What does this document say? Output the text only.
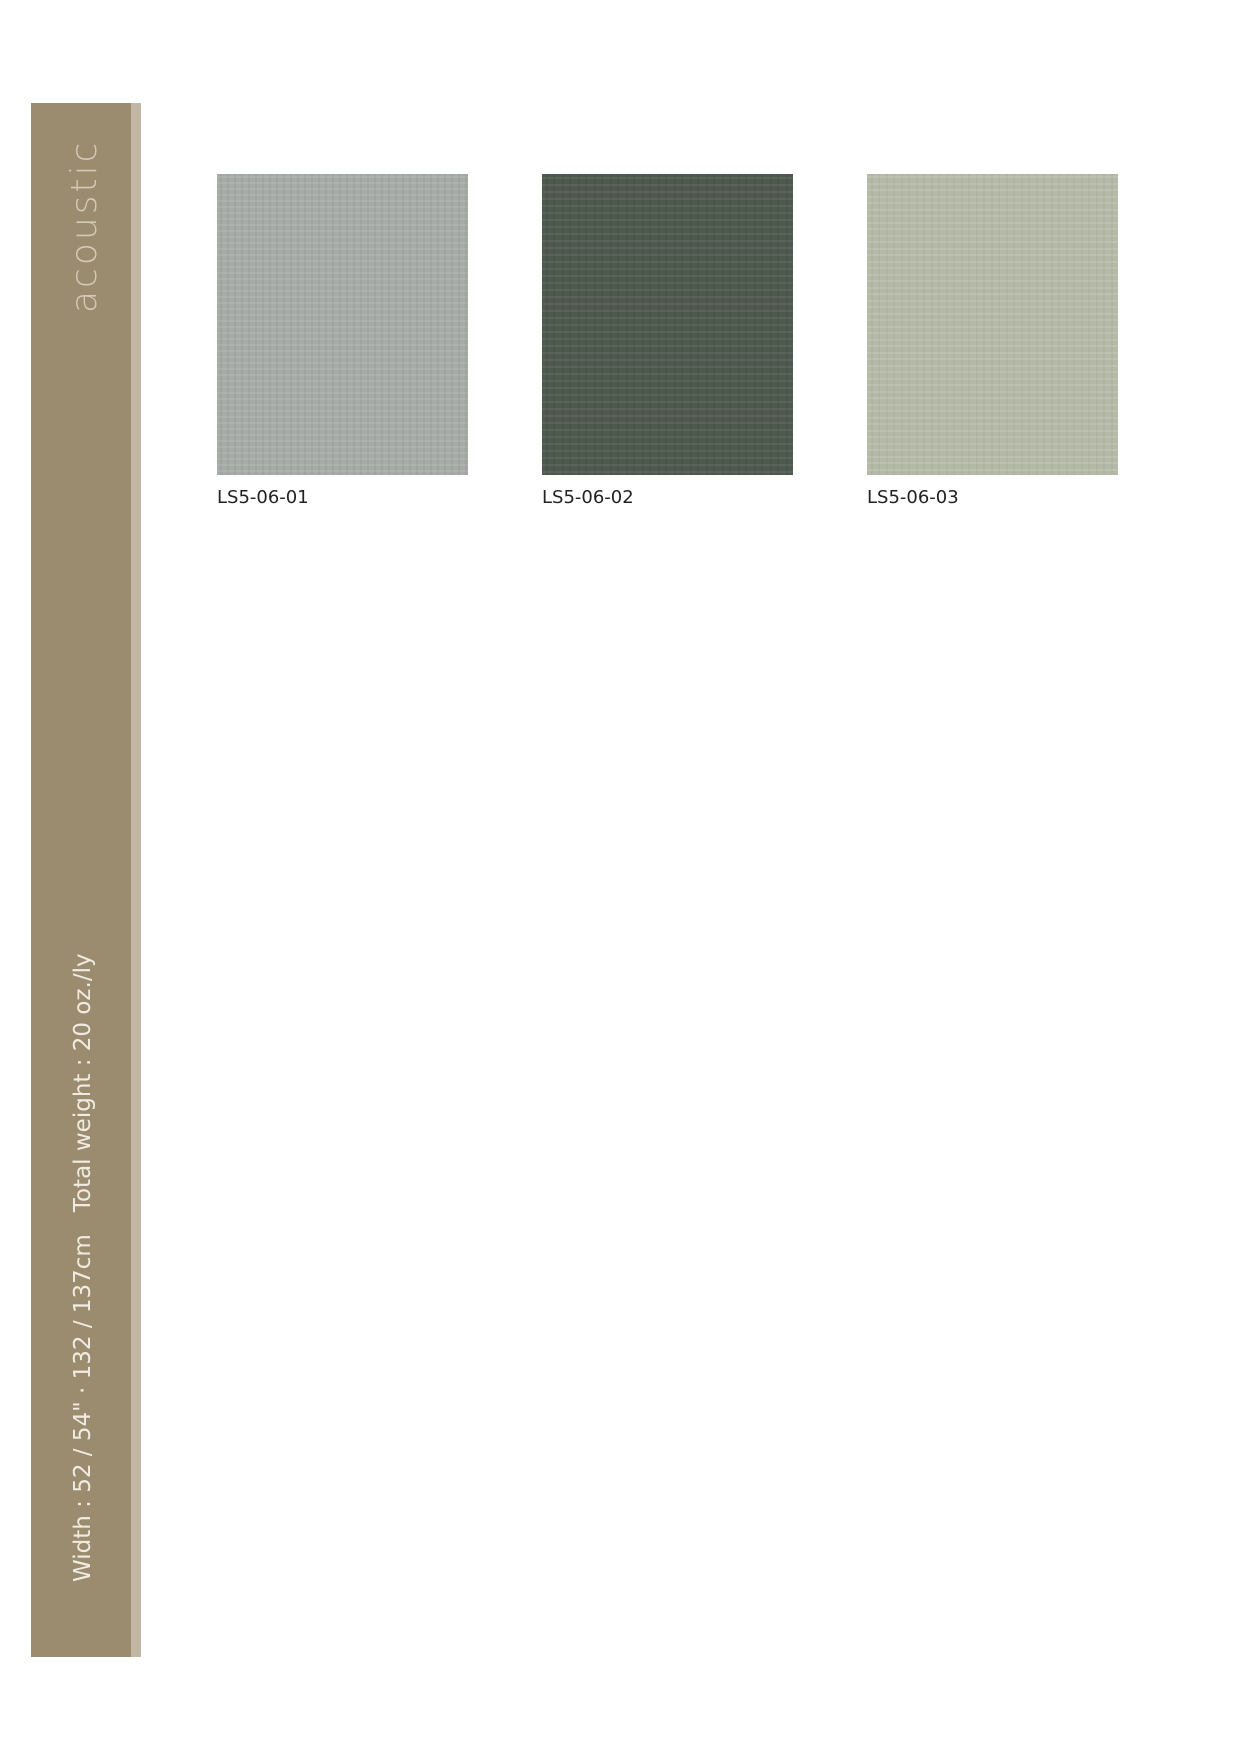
acoustic
Width : 52 / 54" · 132 / 137cmTotal weight : 20 oz./ly
LS5-06-01	LS5-06-02	LS5-06-03
